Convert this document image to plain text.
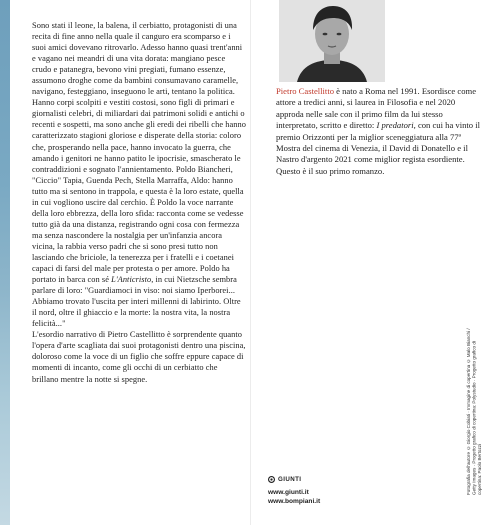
Sono stati il leone, la balena, il cerbiatto, protagonisti di una recita di fine anno nella quale il canguro era scomparso e i suoi amici dovevano ritrovarlo. Adesso hanno quasi trent'anni e vagano nei meandri di una vita dorata: mangiano pesce crudo e patanegra, bevono vini pregiati, fumano essenze, assumono droghe come da bambini consumavano caramelle, navigano, festeggiano, inseguono le arti, tentano la politica. Hanno corpi scolpiti e vestiti costosi, sono figli di primari e giornalisti celebri, di miliardari dai patrimoni solidi e antichi o recenti e sospetti, ma sono anche gli eredi dei ribelli che hanno caratterizzato stagioni gloriose e disperate della storia: coloro che, prosperando nella pace, hanno invocato la guerra, che amando i genitori ne hanno patito le ipocrisie, smascherato le contraddizioni e sognato l'annientamento. Poldo Biancheri, "Ciccio" Tapia, Guenda Pech, Stella Marraffa, Aldo: hanno tutto ma si sentono in trappola, e questa è la loro estate, quella in cui vogliono uscire dal cerchio. È Poldo la voce narrante della loro ebbrezza, della loro sfida: racconta come se vedesse tutto già da una distanza, registrando ogni cosa con fermezza ma senza nascondere la nostalgia per un'infanzia ancora vicina, la rabbia verso padri che si sono presi tutto non lasciando che briciole, la tenerezza per i fratelli e i coetanei capaci di farsi del male per protesta o per amore. Poldo ha portato in barca con sé L'Anticristo, in cui Nietzsche sembra parlare di loro: "Guardiamoci in viso: noi siamo Iperborei... Abbiamo trovato l'uscita per interi millenni di labirinto. Oltre il nord, oltre il ghiaccio e la morte: la nostra vita, la nostra felicità..."

L'esordio narrativo di Pietro Castellitto è sorprendente quanto l'opera d'arte scagliata dai suoi protagonisti dentro una piscina, doloroso come la voce di un figlio che soffre eppure capace di momenti di incanto, come gli occhi di un cerbiatto che brillano mentre la notte si spegne.

Pietro Castellitto è nato a Roma nel 1991. Esordisce come attore a tredici anni, si laurea in Filosofia e nel 2020 approda nelle sale con il primo film da lui stesso interpretato, scritto e diretto: I predatori, con cui ha vinto il premio Orizzonti per la miglior sceneggiatura alla 77ª Mostra del cinema di Venezia, il David di Donatello e il Nastro d'argento 2021 come miglior regista esordiente.
Questo è il suo primo romanzo.
Fotografia dell'autore © Giorgio Cobiati · Immagine di copertina © Malo Bianchi / Getty Images · Progetto grafico di copertina: Polystudio · Progetto grafico di copertina: Paolo Bertozzi
GIUNTI
www.giunti.it
www.bompiani.it
